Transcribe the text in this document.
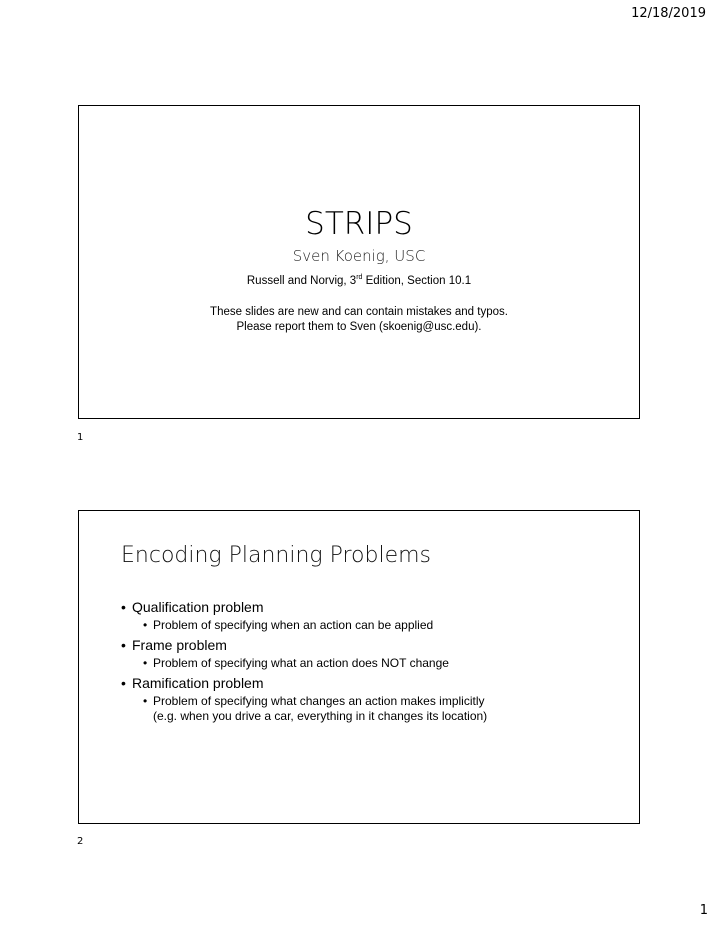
12/18/2019
STRIPS
Sven Koenig, USC
Russell and Norvig, 3rd Edition, Section 10.1
These slides are new and can contain mistakes and typos.
Please report them to Sven (skoenig@usc.edu).
1
Encoding Planning Problems
• Qualification problem
• Problem of specifying when an action can be applied
• Frame problem
• Problem of specifying what an action does NOT change
• Ramification problem
• Problem of specifying what changes an action makes implicitly
(e.g. when you drive a car, everything in it changes its location)
2
1
